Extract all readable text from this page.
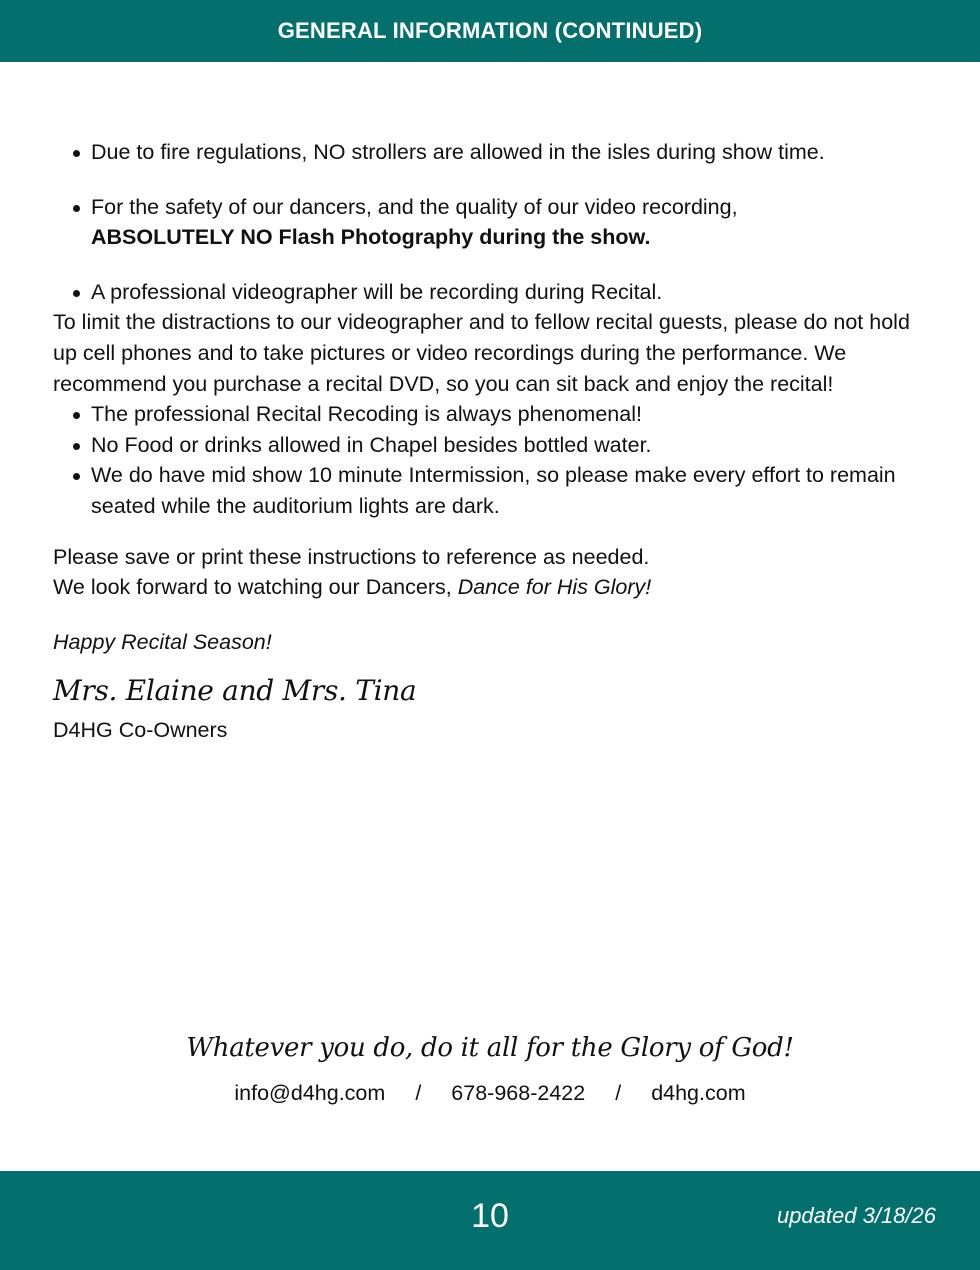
GENERAL INFORMATION (CONTINUED)
Due to fire regulations, NO strollers are allowed in the isles during show time.
For the safety of our dancers, and the quality of our video recording,
ABSOLUTELY NO Flash Photography during the show.
A professional videographer will be recording during Recital.

To limit the distractions to our videographer and to fellow recital guests, please do not hold up cell phones and to take pictures or video recordings during the performance. We recommend you purchase a recital DVD, so you can sit back and enjoy the recital!

The professional Recital Recoding is always phenomenal!
No Food or drinks allowed in Chapel besides bottled water.
We do have mid show 10 minute Intermission, so please make every effort to remain seated while the auditorium lights are dark.

Please save or print these instructions to reference as needed.

We look forward to watching our Dancers, Dance for His Glory!

Happy Recital Season!

Mrs. Elaine and Mrs. Tina

D4HG Co-Owners

Whatever you do, do it all for the Glory of God!
info@d4hg.com / 678-968-2422 / d4hg.com
10	updated 3/18/26
